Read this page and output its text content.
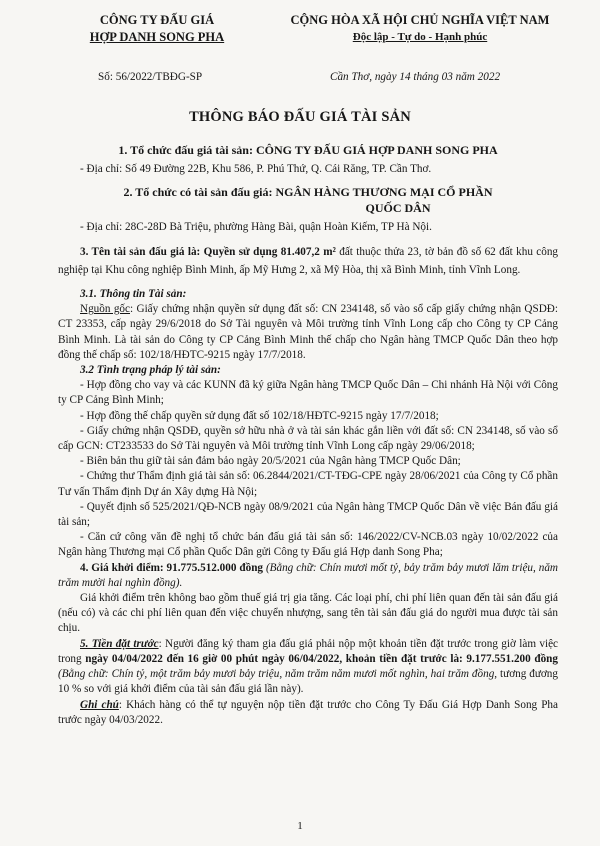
CÔNG TY ĐẤU GIÁ
HỢP DANH SONG PHA
CỘNG HÒA XÃ HỘI CHỦ NGHĨA VIỆT NAM
Độc lập - Tự do - Hạnh phúc
Số: 56/2022/TBĐG-SP	Cần Thơ, ngày 14 tháng 03 năm 2022
THÔNG BÁO ĐẤU GIÁ TÀI SẢN

1. Tổ chức đấu giá tài sản: CÔNG TY ĐẤU GIÁ HỢP DANH SONG PHA

- Địa chỉ: Số 49 Đường 22B, Khu 586, P. Phú Thứ, Q. Cái Răng, TP. Cần Thơ.

2. Tổ chức có tài sản đấu giá: NGÂN HÀNG THƯƠNG MẠI CỔ PHẦN

QUỐC DÂN

- Địa chỉ: 28C-28D Bà Triệu, phường Hàng Bài, quận Hoàn Kiếm, TP Hà Nội.

3. Tên tài sản đấu giá là: Quyền sử dụng 81.407,2 m² đất thuộc thửa 23, tờ bản đồ số 62 đất khu công nghiệp tại Khu công nghiệp Bình Minh, ấp Mỹ Hưng 2, xã Mỹ Hòa, thị xã Bình Minh, tỉnh Vĩnh Long.

3.1. Thông tin Tài sản:

Nguồn gốc: Giấy chứng nhận quyền sử dụng đất số: CN 234148, số vào sổ cấp giấy chứng nhận QSDĐ: CT 23353, cấp ngày 29/6/2018 do Sở Tài nguyên và Môi trường tỉnh Vĩnh Long cấp cho Công ty CP Cảng Bình Minh. Là tài sản do Công ty CP Cảng Bình Minh thế chấp cho Ngân hàng TMCP Quốc Dân theo hợp đồng thế chấp số: 102/18/HĐTC-9215 ngày 17/7/2018.

3.2 Tình trạng pháp lý tài sản:

- Hợp đồng cho vay và các KUNN đã ký giữa Ngân hàng TMCP Quốc Dân – Chi nhánh Hà Nội với Công ty CP Cảng Bình Minh;

- Hợp đồng thế chấp quyền sử dụng đất số 102/18/HĐTC-9215 ngày 17/7/2018;

- Giấy chứng nhận QSDĐ, quyền sở hữu nhà ở và tài sản khác gắn liền với đất số: CN 234148, số vào sổ cấp GCN: CT233533 do Sở Tài nguyên và Môi trường tỉnh Vĩnh Long cấp ngày 29/06/2018;

- Biên bản thu giữ tài sản đảm bảo ngày 20/5/2021 của Ngân hàng TMCP Quốc Dân;

- Chứng thư Thẩm định giá tài sản số: 06.2844/2021/CT-TĐG-CPE ngày 28/06/2021 của Công ty Cổ phần Tư vấn Thẩm định Dự án Xây dựng Hà Nội;

- Quyết định số 525/2021/QĐ-NCB ngày 08/9/2021 của Ngân hàng TMCP Quốc Dân về việc Bán đấu giá tài sản;

- Căn cứ công văn đề nghị tổ chức bán đấu giá tài sản số: 146/2022/CV-NCB.03 ngày 10/02/2022 của Ngân hàng Thương mại Cổ phần Quốc Dân gửi Công ty Đấu giá Hợp danh Song Pha;

4. Giá khởi điểm: 91.775.512.000 đồng (Bằng chữ: Chín mươi mốt tỷ, bảy trăm bảy mươi lăm triệu, năm trăm mười hai nghìn đồng).

Giá khởi điểm trên không bao gồm thuế giá trị gia tăng. Các loại phí, chi phí liên quan đến tài sản đấu giá (nếu có) và các chi phí liên quan đến việc chuyển nhượng, sang tên tài sản đấu giá do người mua được tài sản chịu.

5. Tiền đặt trước: Người đăng ký tham gia đấu giá phải nộp một khoản tiền đặt trước trong giờ làm việc trong ngày 04/04/2022 đến 16 giờ 00 phút ngày 06/04/2022, khoản tiền đặt trước là: 9.177.551.200 đồng (Bằng chữ: Chín tỷ, một trăm bảy mươi bảy triệu, năm trăm năm mươi mốt nghìn, hai trăm đồng, tương đương 10 % so với giá khởi điểm của tài sản đấu giá lần này).

Ghi chú: Khách hàng có thể tự nguyện nộp tiền đặt trước cho Công Ty Đấu Giá Hợp Danh Song Pha trước ngày 04/03/2022.

1
